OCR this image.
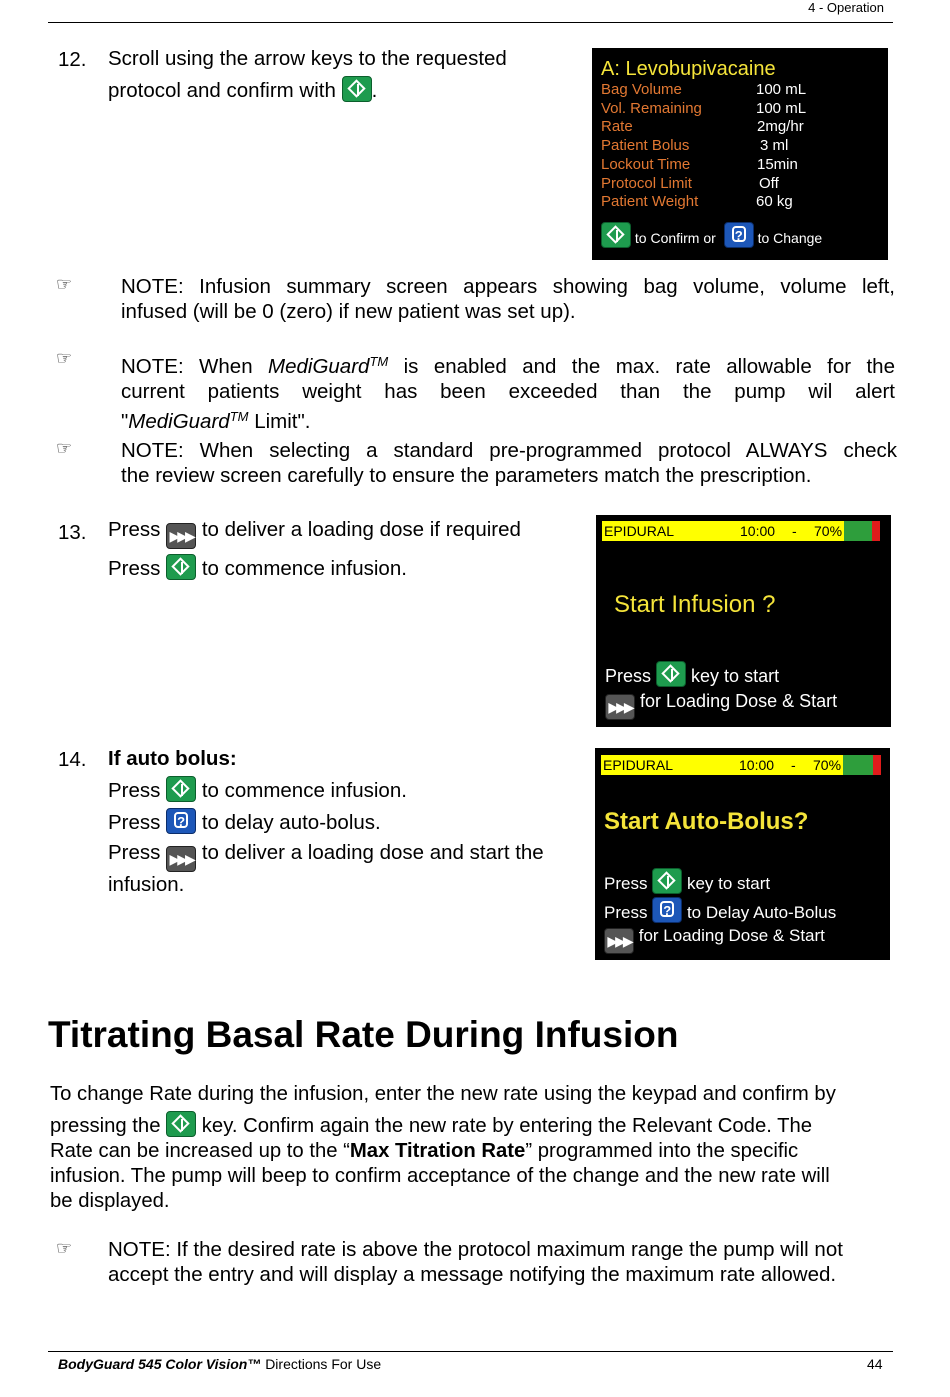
4 - Operation
12. Scroll using the arrow keys to the requested
protocol and confirm with .
A: Levobupivacaine
Bag Volume	100 mL
Vol. Remaining	100 mL
Rate	2mg/hr
Patient Bolus	3 ml
Lockout Time	15min
Protocol Limit	Off
Patient Weight	60 kg
to Confirm or ?	to Change
☞ NOTE: Infusion summary screen appears showing bag volume, volume left,
infused (will be 0 (zero) if new patient was set up).
☞ NOTE: When MediGuard™ is enabled and the max. rate allowable for the
current patients weight has been exceeded than the pump wil alert
"MediGuard™ Limit".
☞ NOTE: When selecting a standard pre-programmed protocol ALWAYS check
the review screen carefully to ensure the parameters match the prescription.
13. Press ▶▶▶ to deliver a loading dose if required
Press to commence infusion.
EPIDURAL	10:00 - 70%
Start Infusion ?
Press key to start
▶▶▶ for Loading Dose & Start
14. If auto bolus:
Press to commence infusion.
Press ? to delay auto-bolus.
Press ▶▶▶ to deliver a loading dose and start the
infusion.
EPIDURAL	10:00 - 70%
Start Auto-Bolus?
Press key to start
Press ? to Delay Auto-Bolus
▶▶▶ for Loading Dose & Start
Titrating Basal Rate During Infusion
To change Rate during the infusion, enter the new rate using the keypad and confirm by
pressing the key. Confirm again the new rate by entering the Relevant Code. The
Rate can be increased up to the “Max Titration Rate” programmed into the specific
infusion. The pump will beep to confirm acceptance of the change and the new rate will
be displayed.
☞ NOTE: If the desired rate is above the protocol maximum range the pump will not
accept the entry and will display a message notifying the maximum rate allowed.
BodyGuard 545 Color Vision™ Directions For Use	44
